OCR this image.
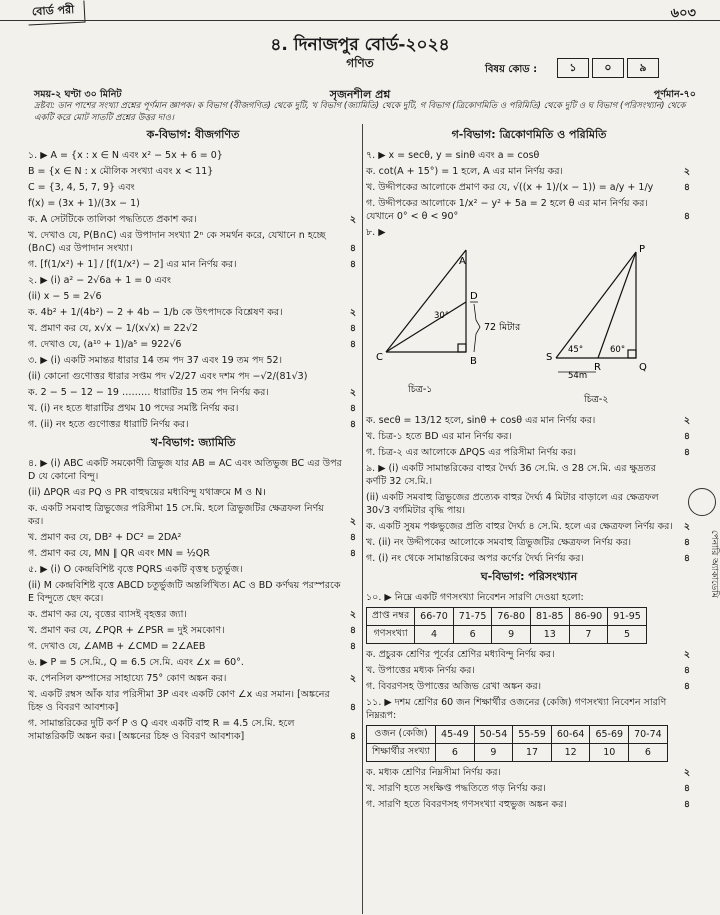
বোর্ড পরী	৬০৩
৪. দিনাজপুর বোর্ড-২০২৪
গণিত	বিষয় কোড :	১	০	৯
সময়-২ ঘণ্টা ৩০ মিনিট	সৃজনশীল প্রশ্ন	পূর্ণমান-৭০
দ্রষ্টব্য: ডান পাশের সংখ্যা প্রশ্নের পূর্ণমান জ্ঞাপক। ক বিভাগ (বীজগণিত) থেকে দুটি, খ বিভাগ (জ্যামিতি) থেকে দুটি, গ বিভাগ (ত্রিকোণমিতি ও পরিমিতি) থেকে দুটি ও ঘ বিভাগ (পরিসংখ্যান) থেকে একটি করে মোট সাতটি প্রশ্নের উত্তর দাও।
ক-বিভাগ: বীজগণিত
১. ▶ A = {x : x ∈ N এবং x² − 5x + 6 = 0}
B = {x ∈ N : x মৌলিক সংখ্যা এবং x < 11}
C = {3, 4, 5, 7, 9} এবং
f(x) = (3x + 1)/(3x − 1)
ক. A সেটটিকে তালিকা পদ্ধতিতে প্রকাশ কর।	২
খ. দেখাও যে, P(B∩C) এর উপাদান সংখ্যা 2ⁿ কে সমর্থন করে, যেখানে n হচ্ছে (B∩C) এর উপাদান সংখ্যা।	৪
গ. [f(1/x²) + 1] / [f(1/x²) − 2] এর মান নির্ণয় কর।	৪
২. ▶ (i) a² − 2√6a + 1 = 0 এবং
(ii) x − 5 = 2√6
ক. 4b² + 1/(4b²) − 2 + 4b − 1/b কে উৎপাদকে বিশ্লেষণ কর।	২
খ. প্রমাণ কর যে, x√x − 1/(x√x) = 22√2	৪
গ. দেখাও যে, (a¹⁰ + 1)/a⁵ = 922√6	৪
৩. ▶ (i) একটি সমান্তর ধারার 14 তম পদ 37 এবং 19 তম পদ 52।
(ii) কোনো গুণোত্তর ধারার সপ্তম পদ √2/27 এবং দশম পদ −√2/(81√3)
ক. 2 − 5 − 12 − 19 ……… ধারাটির 15 তম পদ নির্ণয় কর।	২
খ. (i) নং হতে ধারাটির প্রথম 10 পদের সমষ্টি নির্ণয় কর।	৪
গ. (ii) নং হতে গুণোত্তর ধারাটি নির্ণয় কর।	৪
খ-বিভাগ: জ্যামিতি
৪. ▶ (i) ABC একটি সমকোণী ত্রিভুজ যার AB = AC এবং অতিভুজ BC এর উপর D যে কোনো বিন্দু।
(ii) ΔPQR এর PQ ও PR বাহুদ্বয়ের মধ্যবিন্দু যথাক্রমে M ও N।
ক. একটি সমবাহু ত্রিভুজের পরিসীমা 15 সে.মি. হলে ত্রিভুজটির ক্ষেত্রফল নির্ণয় কর।	২
খ. প্রমাণ কর যে, DB² + DC² = 2DA²	৪
গ. প্রমাণ কর যে, MN ∥ QR এবং MN = ½QR	৪
৫. ▶ (i) O কেন্দ্রবিশিষ্ট বৃত্তে PQRS একটি বৃত্তস্থ চতুর্ভুজ।
(ii) M কেন্দ্রবিশিষ্ট বৃত্তে ABCD চতুর্ভুজটি অন্তর্লিখিত। AC ও BD কর্ণদ্বয় পরস্পরকে E বিন্দুতে ছেদ করে।
ক. প্রমাণ কর যে, বৃত্তের ব্যাসই বৃহত্তর জ্যা।	২
খ. প্রমাণ কর যে, ∠PQR + ∠PSR = দুই সমকোণ।	৪
গ. দেখাও যে, ∠AMB + ∠CMD = 2∠AEB	৪
৬. ▶ P = 5 সে.মি., Q = 6.5 সে.মি. এবং ∠x = 60°.
ক. পেনসিল কম্পাসের সাহায্যে 75° কোণ অঙ্কন কর।	২
খ. একটি রম্বস আঁক যার পরিসীমা 3P এবং একটি কোণ ∠x এর সমান। [অঙ্কনের চিহ্ন ও বিবরণ আবশ্যক]	৪
গ. সামান্তরিকের দুটি কর্ণ P ও Q এবং একটি বাহু R = 4.5 সে.মি. হলে সামান্তরিকটি অঙ্কন কর। [অঙ্কনের চিহ্ন ও বিবরণ আবশ্যক]	৪
গ-বিভাগ: ত্রিকোণমিতি ও পরিমিতি
৭. ▶ x = secθ, y = sinθ এবং a = cosθ
ক. cot(A + 15°) = 1 হলে, A এর মান নির্ণয় কর।	২
খ. উদ্দীপকের আলোকে প্রমাণ কর যে, √((x + 1)/(x − 1)) = a/y + 1/y	৪
গ. উদ্দীপকের আলোকে 1/x² − y² + 5a = 2 হলে θ এর মান নির্ণয় কর। যেখানে 0° < θ < 90°	৪
৮. ▶
A
B
C
D
72 মিটার
30°
চিত্র-১
P
Q
R
S
45°	60°
54m
চিত্র-২
ক. secθ = 13/12 হলে, sinθ + cosθ এর মান নির্ণয় কর।	২
খ. চিত্র-১ হতে BD এর মান নির্ণয় কর।	৪
গ. চিত্র-২ এর আলোকে ΔPQS এর পরিসীমা নির্ণয় কর।	৪
৯. ▶ (i) একটি সামান্তরিকের বাহুর দৈর্ঘ্য 36 সে.মি. ও 28 সে.মি. এর ক্ষুদ্রতর কর্ণটি 32 সে.মি.।
(ii) একটি সমবাহু ত্রিভুজের প্রত্যেক বাহুর দৈর্ঘ্য 4 মিটার বাড়ালে এর ক্ষেত্রফল 30√3 বর্গমিটার বৃদ্ধি পায়।
ক. একটি সুষম পঞ্চভুজের প্রতি বাহুর দৈর্ঘ্য ৪ সে.মি. হলে এর ক্ষেত্রফল নির্ণয় কর। ২
খ. (ii) নং উদ্দীপকের আলোকে সমবাহু ত্রিভুজটির ক্ষেত্রফল নির্ণয় কর।	৪
গ. (i) নং থেকে সামান্তরিকের অপর কর্ণের দৈর্ঘ্য নির্ণয় কর।	৪
ঘ-বিভাগ: পরিসংখ্যান
১০. ▶ নিম্নে একটি গণসংখ্যা নিবেশন সারণি দেওয়া হলো:
প্রাপ্ত নম্বর	66-70	71-75	76-80	81-85	86-90	91-95
গণসংখ্যা	4	6	9	13	7	5
ক. প্রচুরক শ্রেণির পূর্বের শ্রেণির মধ্যবিন্দু নির্ণয় কর।	২
খ. উপাত্তের মধ্যক নির্ণয় কর।	৪
গ. বিবরণসহ উপাত্তের অজিভ রেখা অঙ্কন কর।	৪
১১. ▶ দশম শ্রেণির 60 জন শিক্ষার্থীর ওজনের (কেজি) গণসংখ্যা নিবেশন সারণি নিম্নরূপ:
ওজন (কেজি)	45-49	50-54	55-59	60-64	65-69	70-74
শিক্ষার্থীর সংখ্যা	6	9	17	12	10	6
ক. মধ্যক শ্রেণির নিম্নসীমা নির্ণয় কর।	২
খ. সারণি হতে সংক্ষিপ্ত পদ্ধতিতে গড় নির্ণয় কর।	৪
গ. সারণি হতে বিবরণসহ গণসংখ্যা বহুভুজ অঙ্কন কর।	৪
পেনারি অ্যাকাডেমি
